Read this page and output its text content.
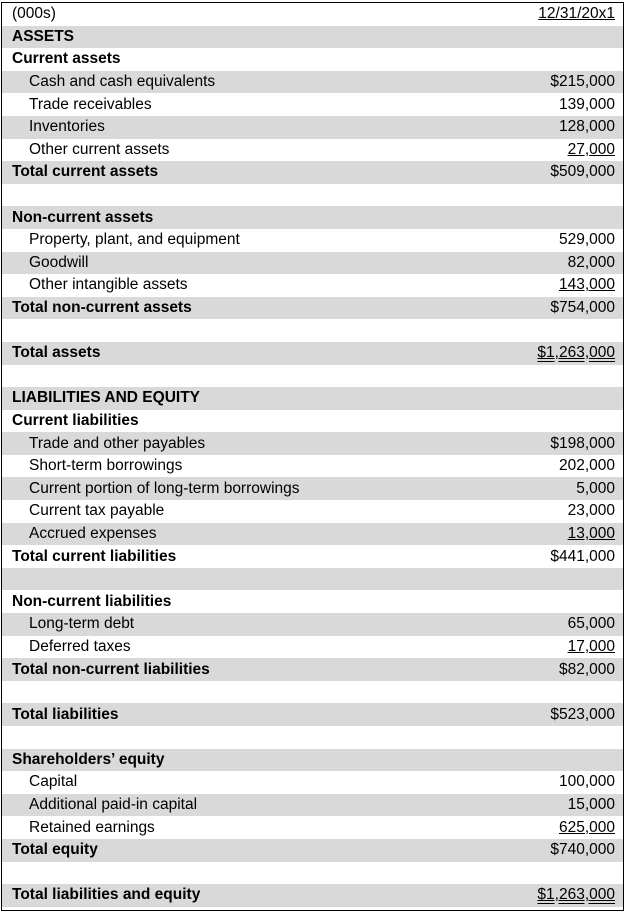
(000s)	12/31/20x1
ASSETS
Current assets
Cash and cash equivalents	$215,000
Trade receivables	139,000
Inventories	128,000
Other current assets	27,000
Total current assets	$509,000
Non-current assets
Property, plant, and equipment	529,000
Goodwill	82,000
Other intangible assets	143,000
Total non-current assets	$754,000
Total assets	$1,263,000
LIABILITIES AND EQUITY
Current liabilities
Trade and other payables	$198,000
Short-term borrowings	202,000
Current portion of long-term borrowings	5,000
Current tax payable	23,000
Accrued expenses	13,000
Total current liabilities	$441,000
Non-current liabilities
Long-term debt	65,000
Deferred taxes	17,000
Total non-current liabilities	$82,000
Total liabilities	$523,000
Shareholders’ equity
Capital	100,000
Additional paid-in capital	15,000
Retained earnings	625,000
Total equity	$740,000
Total liabilities and equity	$1,263,000
